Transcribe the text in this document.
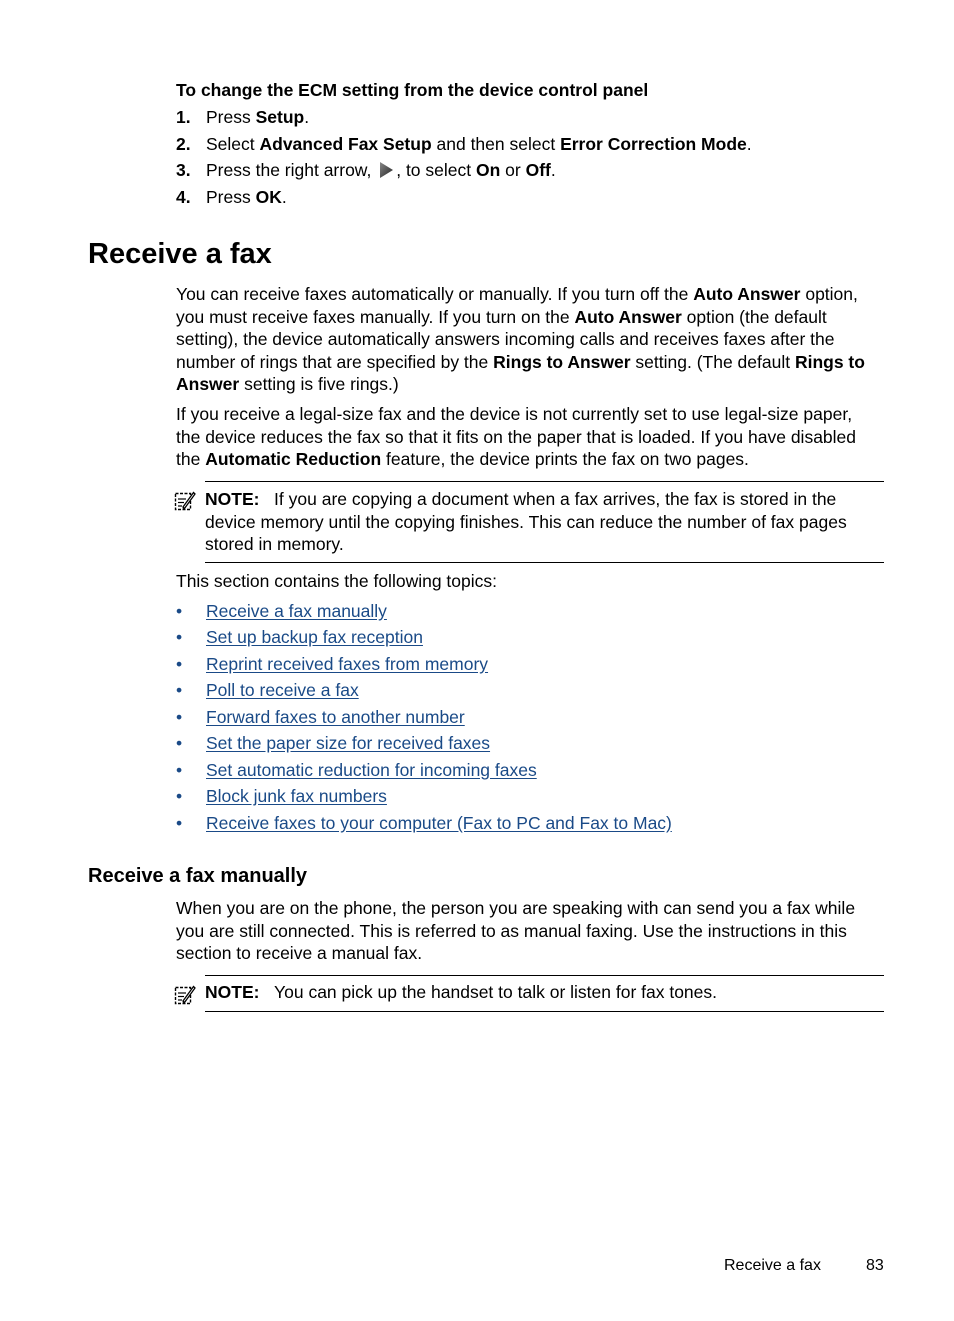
To change the ECM setting from the device control panel
1. Press Setup.
2. Select Advanced Fax Setup and then select Error Correction Mode.
3. Press the right arrow, , to select On or Off.
4. Press OK.
Receive a fax
You can receive faxes automatically or manually. If you turn off the Auto Answer option, you must receive faxes manually. If you turn on the Auto Answer option (the default setting), the device automatically answers incoming calls and receives faxes after the number of rings that are specified by the Rings to Answer setting. (The default Rings to Answer setting is five rings.)
If you receive a legal-size fax and the device is not currently set to use legal-size paper, the device reduces the fax so that it fits on the paper that is loaded. If you have disabled the Automatic Reduction feature, the device prints the fax on two pages.
NOTE: If you are copying a document when a fax arrives, the fax is stored in the device memory until the copying finishes. This can reduce the number of fax pages stored in memory.
This section contains the following topics:
• Receive a fax manually
• Set up backup fax reception
• Reprint received faxes from memory
• Poll to receive a fax
• Forward faxes to another number
• Set the paper size for received faxes
• Set automatic reduction for incoming faxes
• Block junk fax numbers
• Receive faxes to your computer (Fax to PC and Fax to Mac)
Receive a fax manually
When you are on the phone, the person you are speaking with can send you a fax while you are still connected. This is referred to as manual faxing. Use the instructions in this section to receive a manual fax.
NOTE: You can pick up the handset to talk or listen for fax tones.
Receive a fax	83
